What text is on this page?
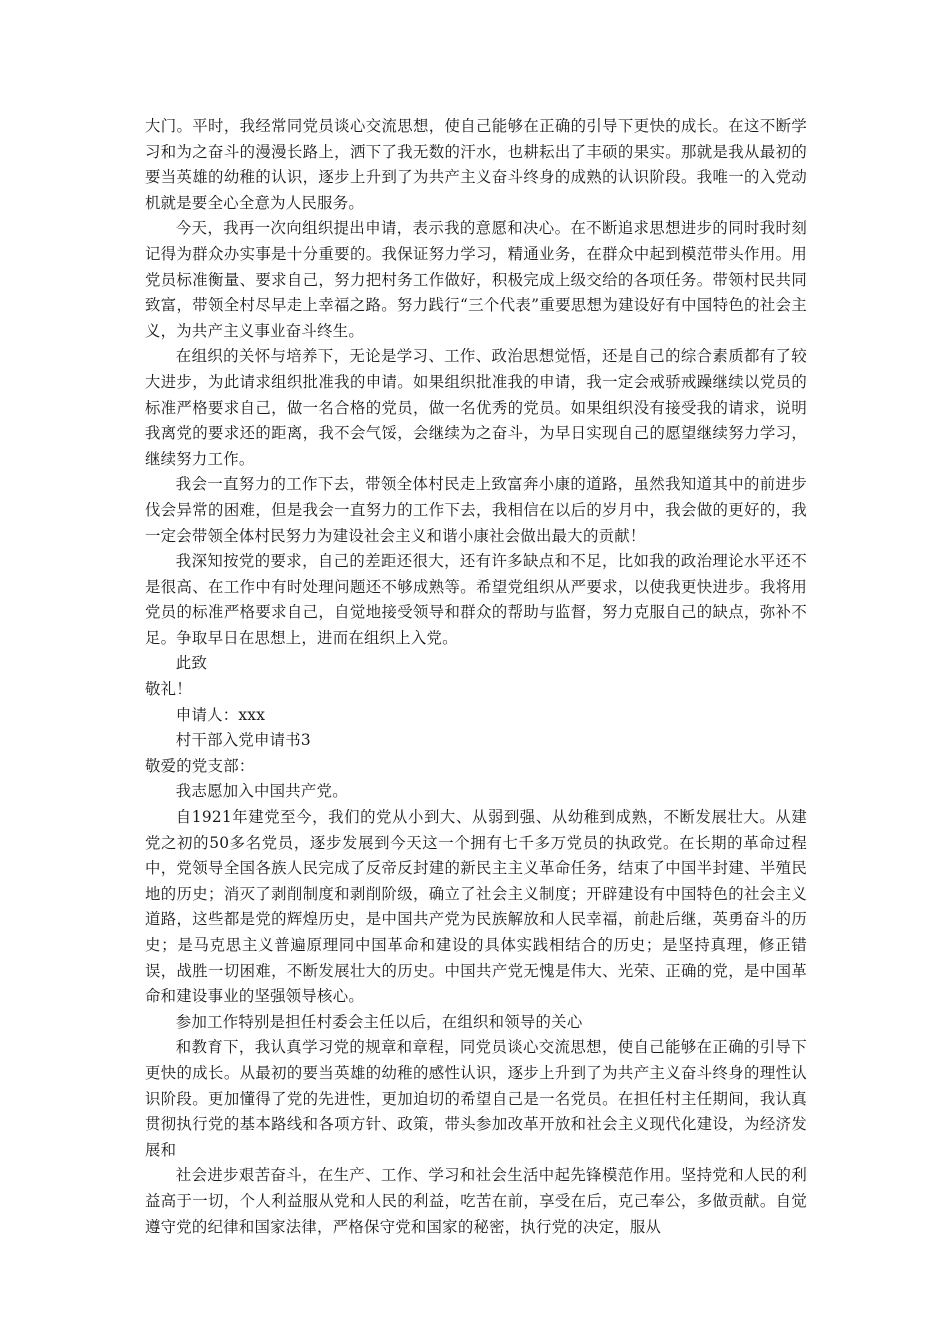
大门。平时，我经常同党员谈心交流思想，使自己能够在正确的引导下更快的成长。在这不断学习和为之奋斗的漫漫长路上，洒下了我无数的汗水，也耕耘出了丰硕的果实。那就是我从最初的要当英雄的幼稚的认识，逐步上升到了为共产主义奋斗终身的成熟的认识阶段。我唯一的入党动机就是要全心全意为人民服务。

今天，我再一次向组织提出申请，表示我的意愿和决心。在不断追求思想进步的同时我时刻记得为群众办实事是十分重要的。我保证努力学习，精通业务，在群众中起到模范带头作用。用党员标准衡量、要求自己，努力把村务工作做好，积极完成上级交给的各项任务。带领村民共同致富，带领全村尽早走上幸福之路。努力践行“三个代表”重要思想为建设好有中国特色的社会主义，为共产主义事业奋斗终生。

在组织的关怀与培养下，无论是学习、工作、政治思想觉悟，还是自己的综合素质都有了较大进步，为此请求组织批准我的申请。如果组织批准我的申请，我一定会戒骄戒躁继续以党员的标准严格要求自己，做一名合格的党员，做一名优秀的党员。如果组织没有接受我的请求，说明我离党的要求还的距离，我不会气馁，会继续为之奋斗，为早日实现自己的愿望继续努力学习，继续努力工作。

我会一直努力的工作下去，带领全体村民走上致富奔小康的道路，虽然我知道其中的前进步伐会异常的困难，但是我会一直努力的工作下去，我相信在以后的岁月中，我会做的更好的，我一定会带领全体村民努力为建设社会主义和谐小康社会做出最大的贡献！

我深知按党的要求，自己的差距还很大，还有许多缺点和不足，比如我的政治理论水平还不是很高、在工作中有时处理问题还不够成熟等。希望党组织从严要求，以使我更快进步。我将用党员的标准严格要求自己，自觉地接受领导和群众的帮助与监督，努力克服自己的缺点，弥补不足。争取早日在思想上，进而在组织上入党。

此致

敬礼！

申请人：xxx

村干部入党申请书3

敬爱的党支部：

我志愿加入中国共产党。

自1921年建党至今，我们的党从小到大、从弱到强、从幼稚到成熟，不断发展壮大。从建党之初的50多名党员，逐步发展到今天这一个拥有七千多万党员的执政党。在长期的革命过程中，党领导全国各族人民完成了反帝反封建的新民主主义革命任务，结束了中国半封建、半殖民地的历史；消灭了剥削制度和剥削阶级，确立了社会主义制度；开辟建设有中国特色的社会主义道路，这些都是党的辉煌历史，是中国共产党为民族解放和人民幸福，前赴后继，英勇奋斗的历史；是马克思主义普遍原理同中国革命和建设的具体实践相结合的历史；是坚持真理，修正错误，战胜一切困难，不断发展壮大的历史。中国共产党无愧是伟大、光荣、正确的党，是中国革命和建设事业的坚强领导核心。

参加工作特别是担任村委会主任以后，在组织和领导的关心

和教育下，我认真学习党的规章和章程，同党员谈心交流思想，使自己能够在正确的引导下更快的成长。从最初的要当英雄的幼稚的感性认识，逐步上升到了为共产主义奋斗终身的理性认识阶段。更加懂得了党的先进性，更加迫切的希望自己是一名党员。在担任村主任期间，我认真贯彻执行党的基本路线和各项方针、政策，带头参加改革开放和社会主义现代化建设，为经济发展和

社会进步艰苦奋斗，在生产、工作、学习和社会生活中起先锋模范作用。坚持党和人民的利益高于一切，个人利益服从党和人民的利益，吃苦在前，享受在后，克己奉公，多做贡献。自觉遵守党的纪律和国家法律，严格保守党和国家的秘密，执行党的决定，服从
